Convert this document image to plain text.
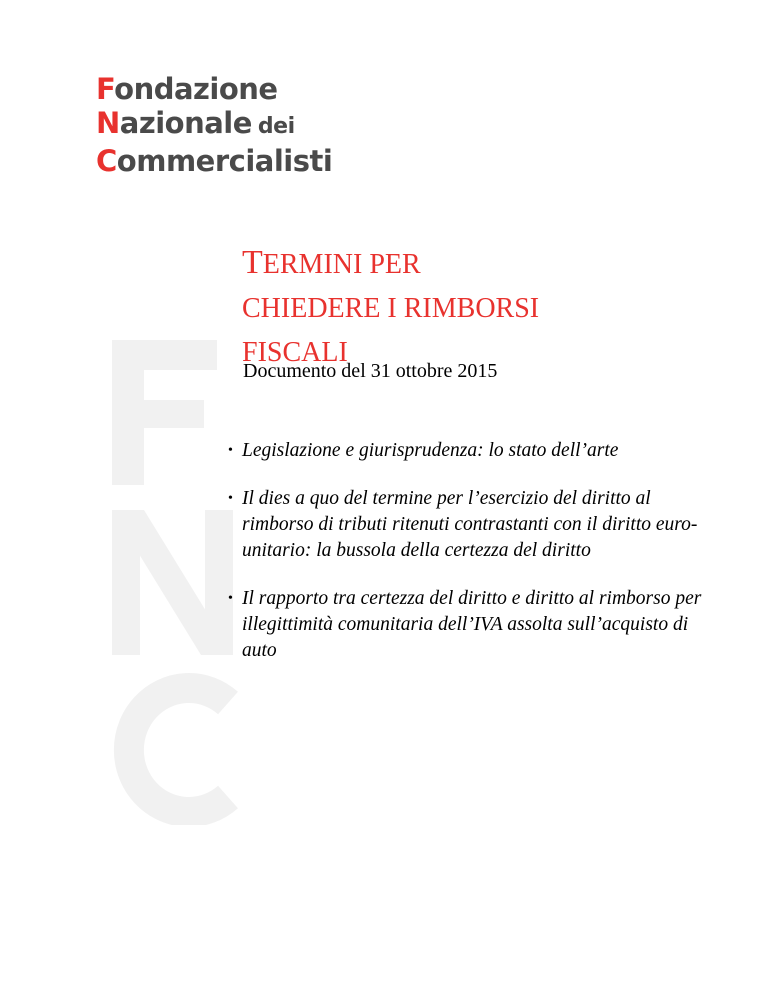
Fondazione
Nazionale dei
Commercialisti
TERMINI PER
CHIEDERE I RIMBORSI
FISCALI
Documento del 31 ottobre 2015
• Legislazione e giurisprudenza: lo stato dell’arte
• Il dies a quo del termine per l’esercizio del diritto al rimborso di tributi ritenuti contrastanti con il diritto euro-unitario: la bussola della certezza del diritto
• Il rapporto tra certezza del diritto e diritto al rimborso per illegittimità comunitaria dell’IVA assolta sull’acquisto di auto
